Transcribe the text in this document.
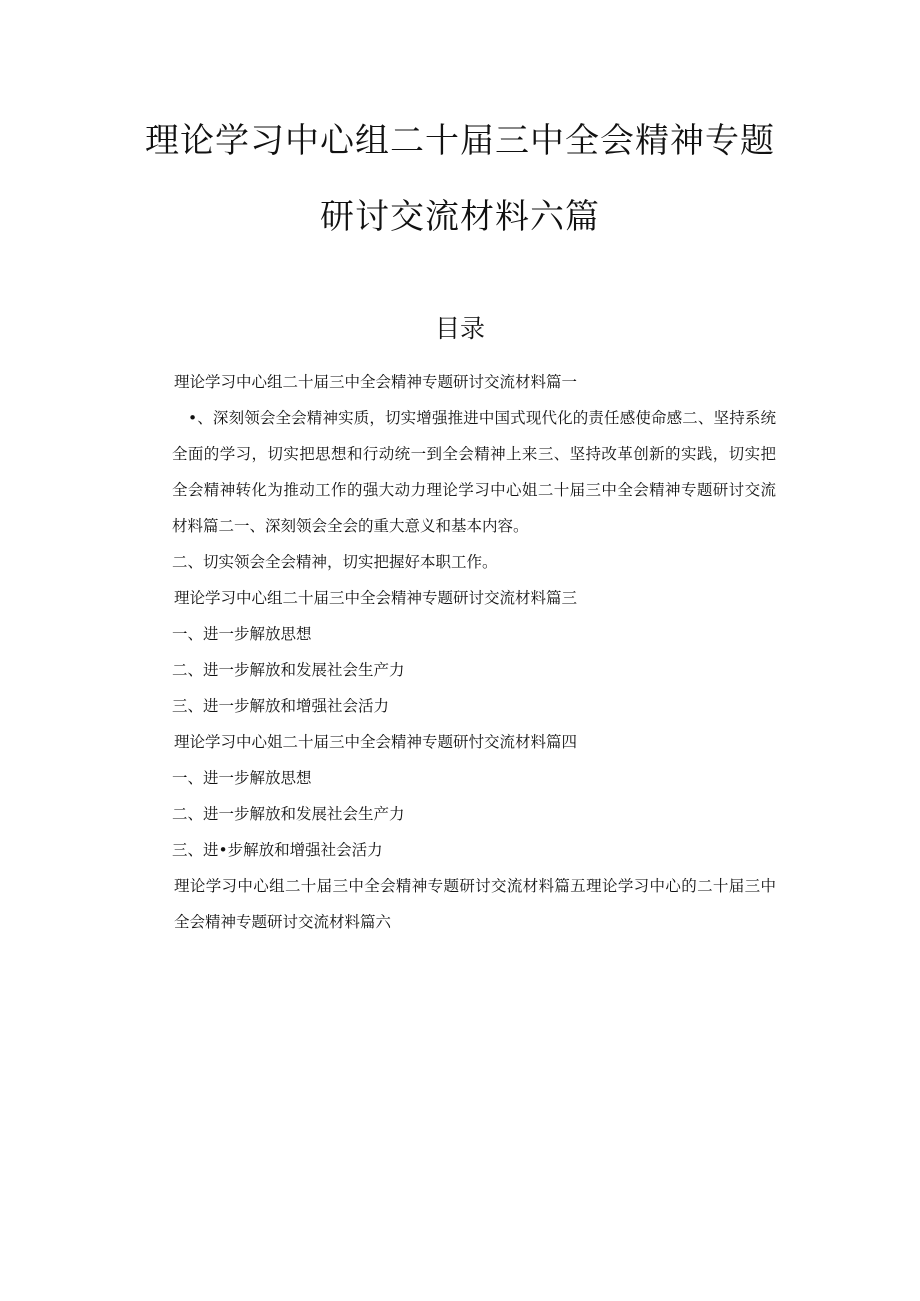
理论学习中心组二十届三中全会精神专题
研讨交流材料六篇
目录

理论学习中心组二十届三中全会精神专题研讨交流材料篇一

•、深刻领会全会精神实质，切实增强推进中国式现代化的责任感使命感二、坚持系统全面的学习，切实把思想和行动统一到全会精神上来三、坚持改革创新的实践，切实把全会精神转化为推动工作的强大动力理论学习中心姐二十届三中全会精神专题研讨交流材料篇二一、深刻领会全会的重大意义和基本内容。

二、切实领会全会精神，切实把握好本职工作。

理论学习中心组二十届三中全会精神专题研讨交流材料篇三

一、进一步解放思想

二、进一步解放和发展社会生产力

三、进一步解放和增强社会活力

理论学习中心姐二十届三中全会精神专题研忖交流材料篇四

一、进一步解放思想

二、进一步解放和发展社会生产力

三、进•步解放和增强社会活力

理论学习中心组二十届三中全会精神专题研讨交流材料篇五理论学习中心的二十届三中全会精神专题研讨交流材料篇六
